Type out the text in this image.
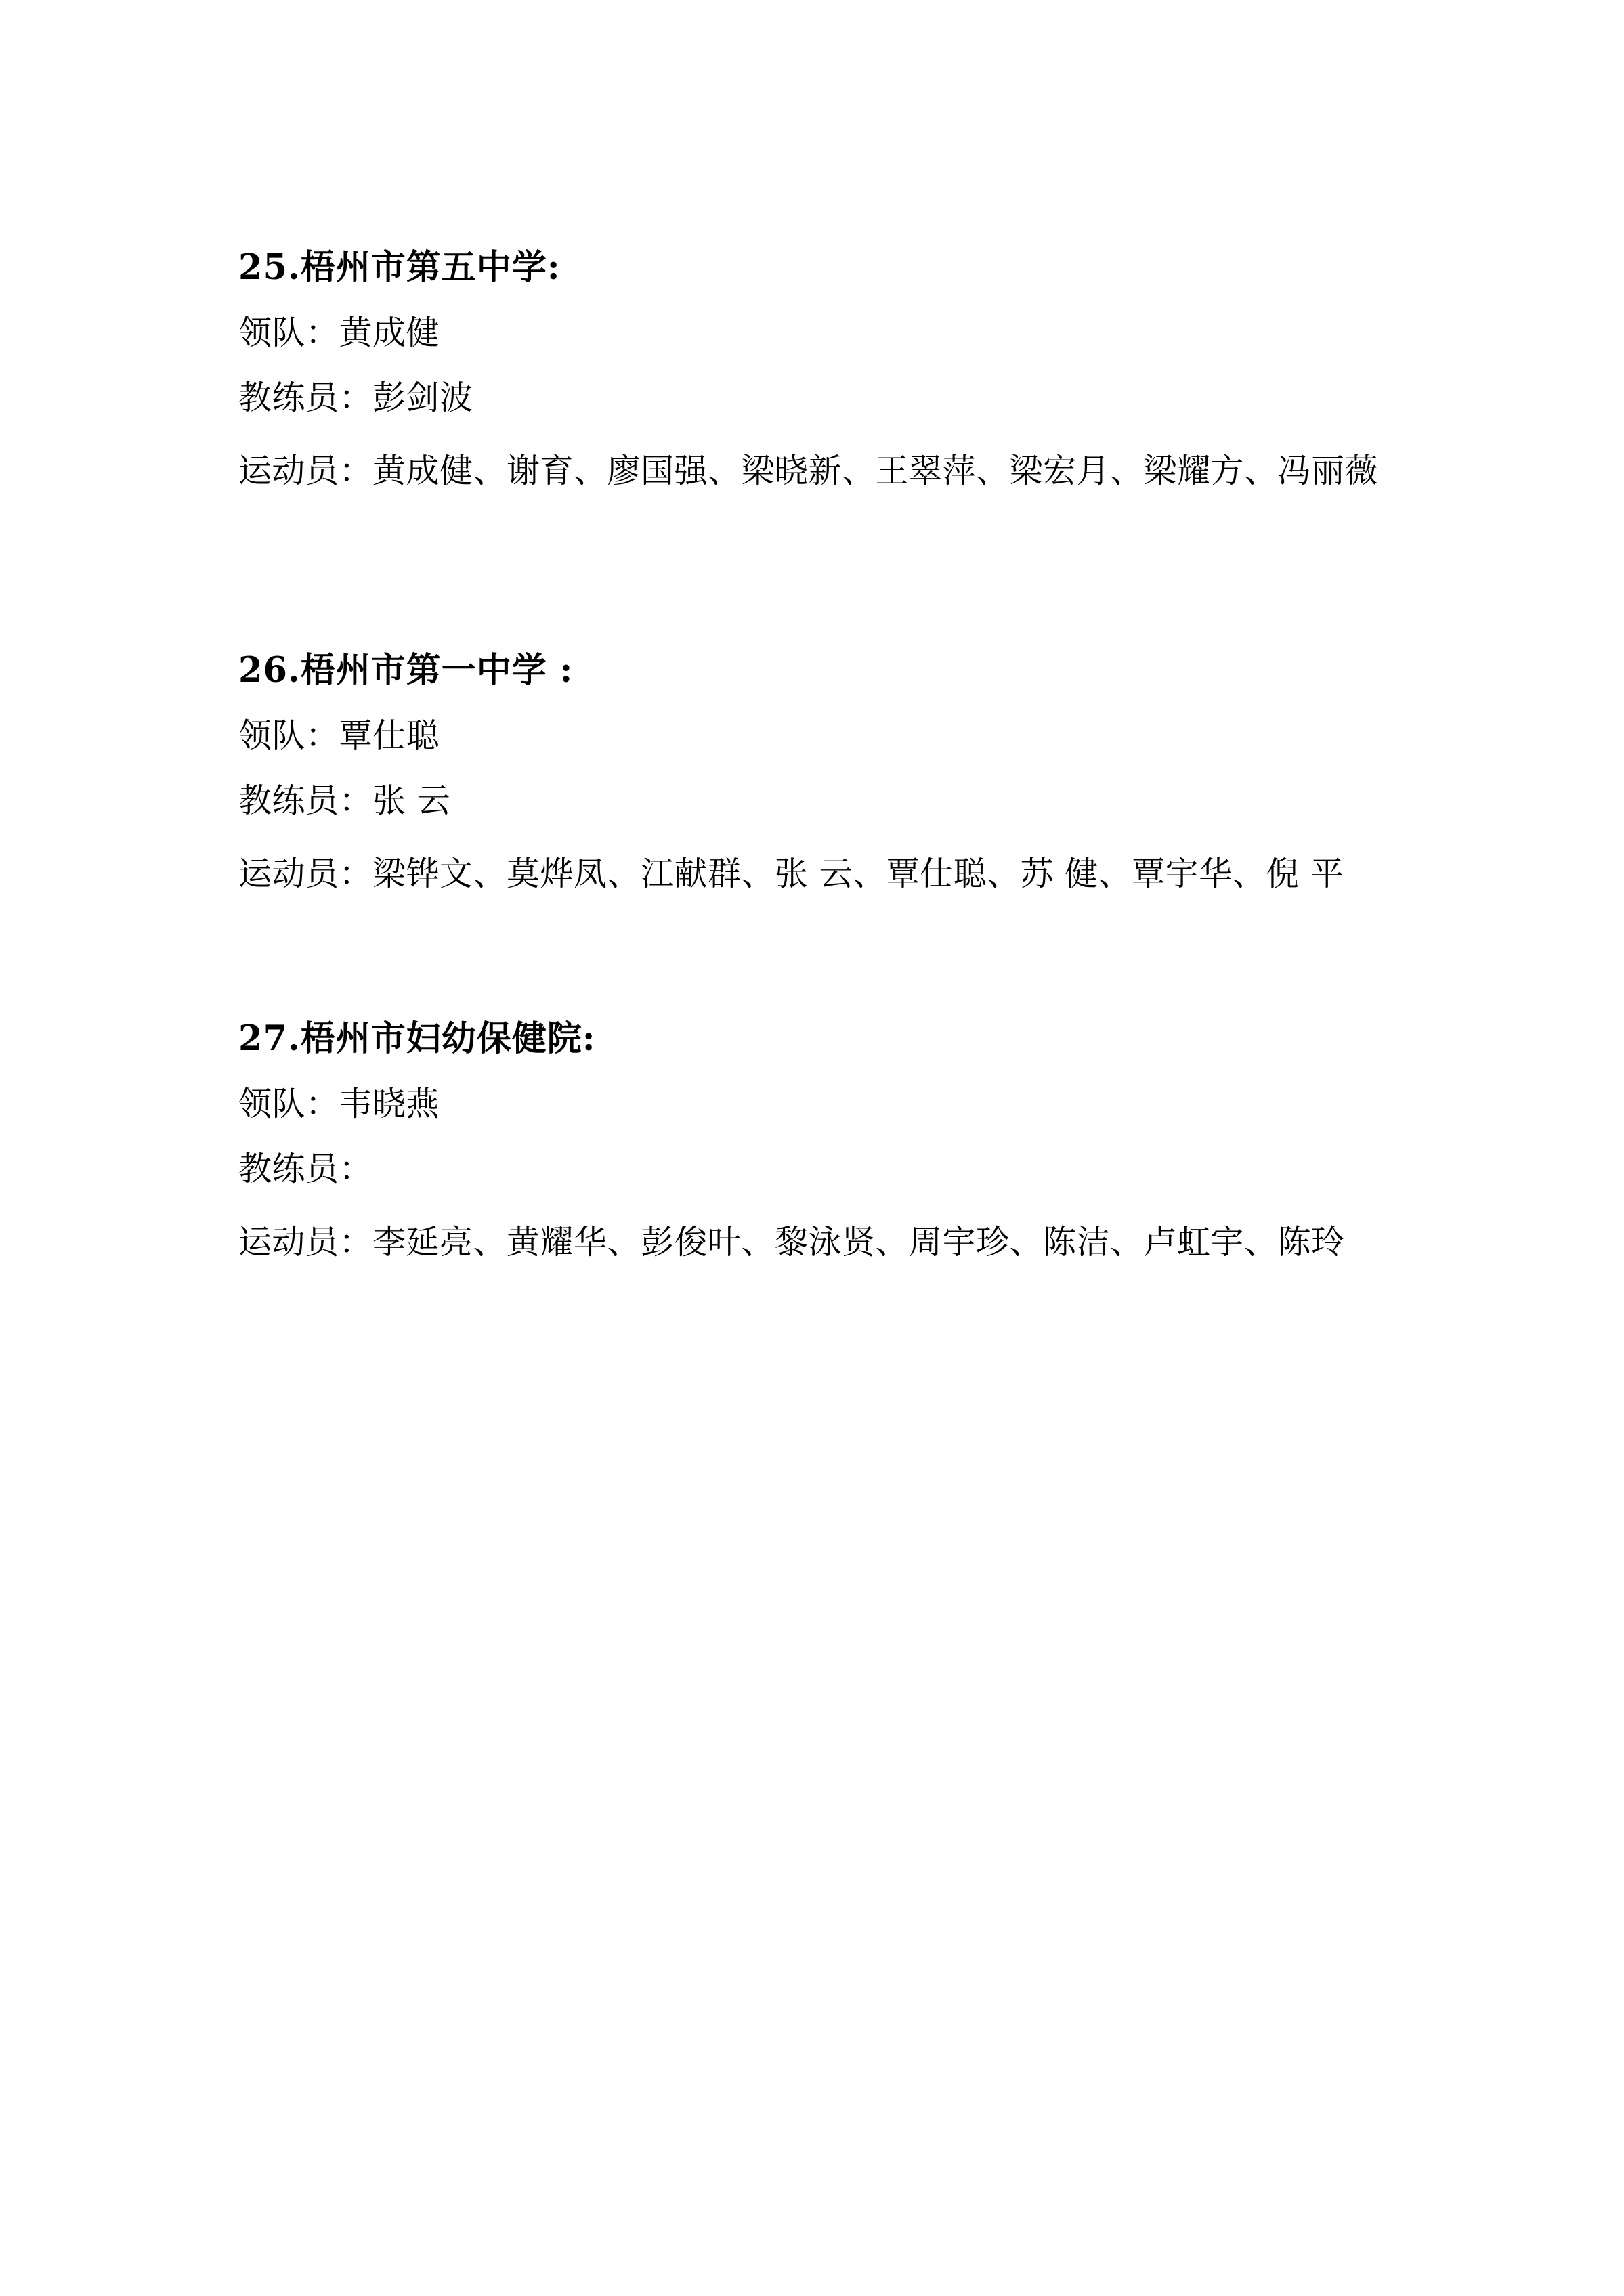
25.梧州市第五中学:
领队：黄成健
教练员：彭剑波
运动员：黄成健、谢育、廖国强、梁晓新、王翠萍、梁宏月、梁耀方、冯丽薇
26.梧州市第一中学 :
领队：覃仕聪
教练员：张 云
运动员：梁铧文、莫烨凤、江献群、张 云、覃仕聪、苏 健、覃宇华、倪 平
27.梧州市妇幼保健院:
领队：韦晓燕
教练员：
运动员：李延亮、黄耀华、彭俊叶、黎泳贤、周宇珍、陈洁、卢虹宇、陈玲
